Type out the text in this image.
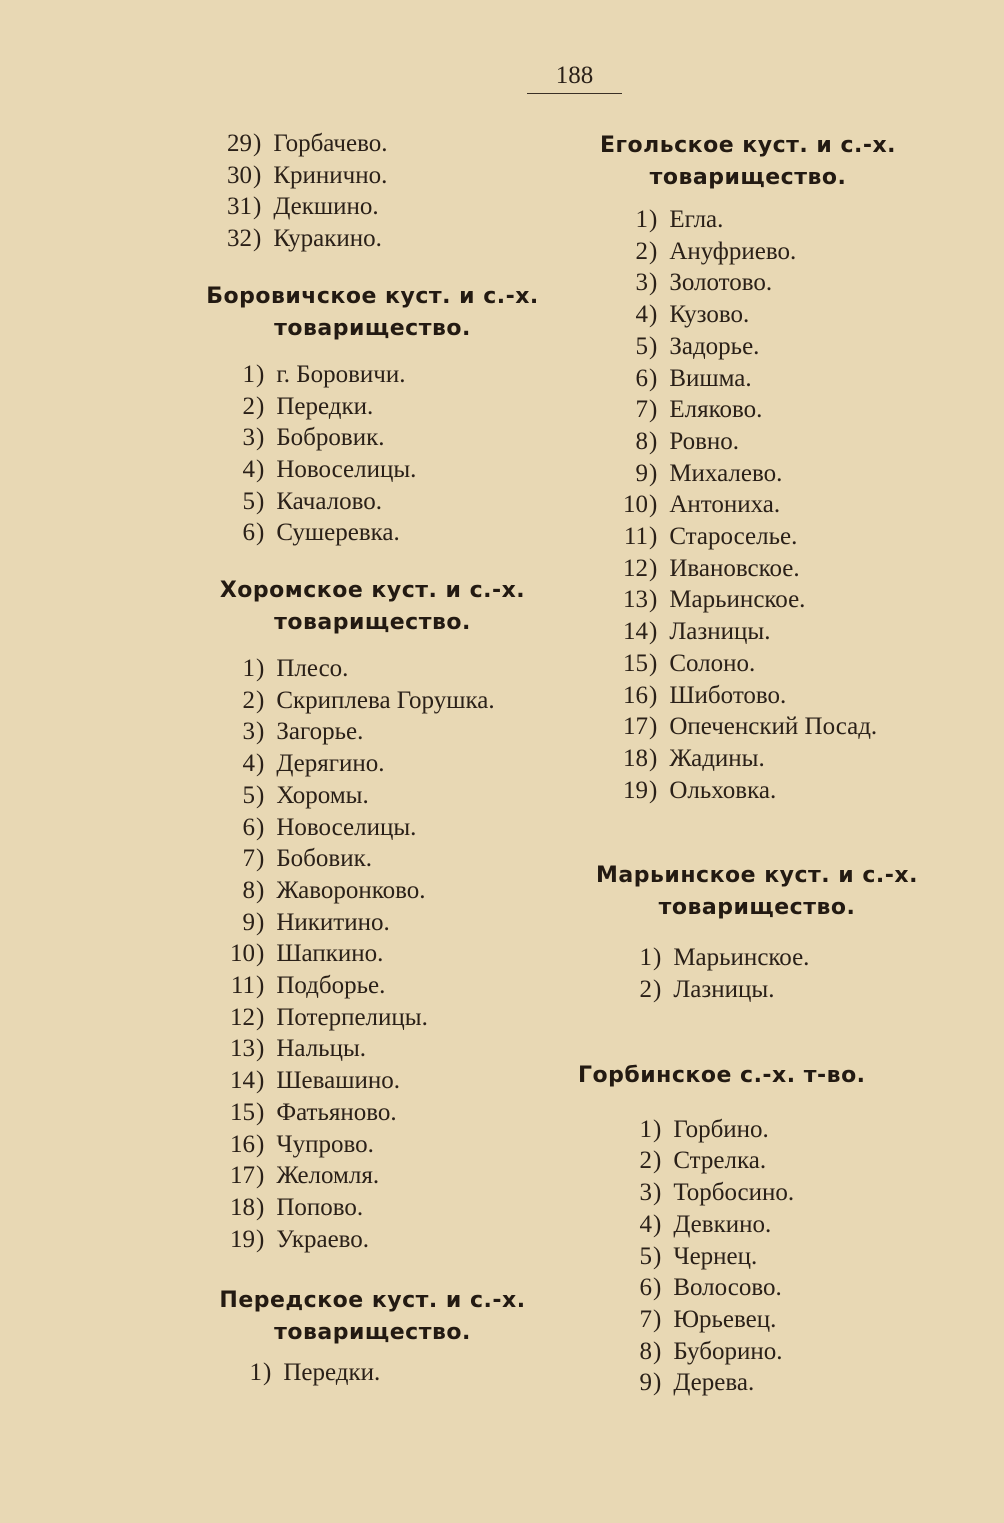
188
29 ) Горбачево.
30 ) Кринично.
31 ) Декшино.
32 ) Куракино.
Боровичское куст. и с.-х.
товарищество.
1 ) г. Боровичи.
2 ) Передки.
3 ) Бобровик.
4 ) Новоселицы.
5 ) Качалово.
6 ) Сушеревка.
Хоромское куст. и с.-х.
товарищество.
1 ) Плесо.
2 ) Скриплева Горушка.
3 ) Загорье.
4 ) Дерягино.
5 ) Хоромы.
6 ) Новоселицы.
7 ) Бобовик.
8 ) Жаворонково.
9 ) Никитино.
10 ) Шапкино.
11 ) Подборье.
12 ) Потерпелицы.
13 ) Нальцы.
14 ) Шевашино.
15 ) Фатьяново.
16 ) Чупрово.
17 ) Желомля.
18 ) Попово.
19 ) Украево.
Передское куст. и с.-х.
товарищество.
1 ) Передки.
Егольское куст. и с.-х.
товарищество.
1 ) Егла.
2 ) Ануфриево.
3 ) Золотово.
4 ) Кузово.
5 ) Задорье.
6 ) Вишма.
7 ) Еляково.
8 ) Ровно.
9 ) Михалево.
10 ) Антониха.
11 ) Староселье.
12 ) Ивановское.
13 ) Марьинское.
14 ) Лазницы.
15 ) Солоно.
16 ) Шиботово.
17 ) Опеченский Посад.
18 ) Жадины.
19 ) Ольховка.
Марьинское куст. и с.-х.
товарищество.
1 ) Марьинское.
2 ) Лазницы.
Горбинское с.-х. т-во.
1 ) Горбино.
2 ) Стрелка.
3 ) Торбосино.
4 ) Девкино.
5 ) Чернец.
6 ) Волосово.
7 ) Юрьевец.
8 ) Буборино.
9 ) Дерева.
